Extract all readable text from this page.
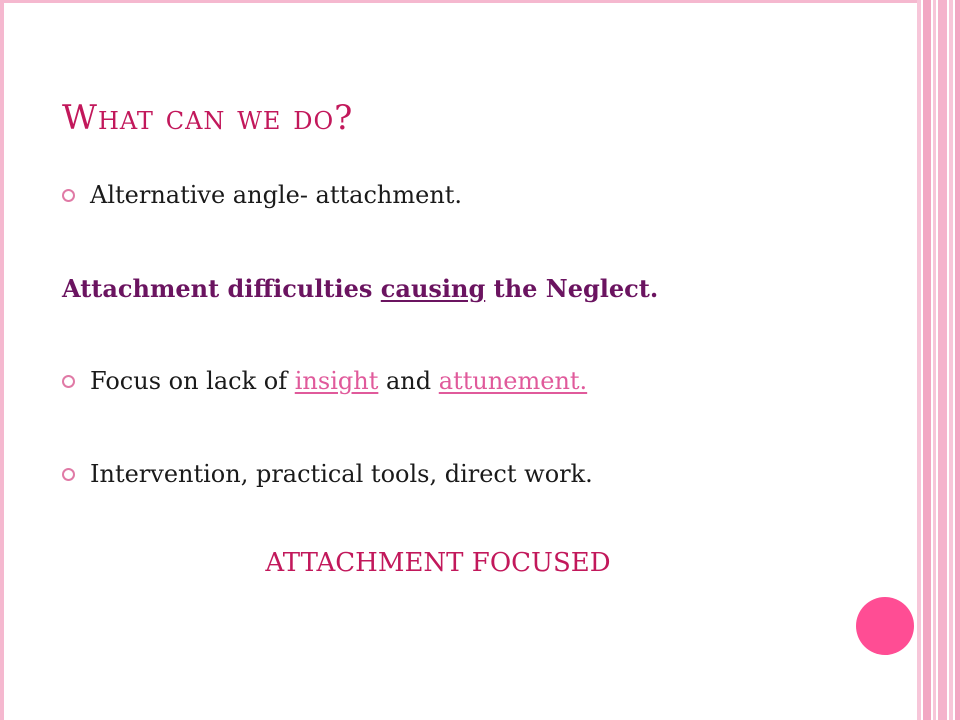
What can we do?
Alternative angle- attachment.
Attachment difficulties causing the Neglect.
Focus on lack of insight and attunement.
Intervention, practical tools, direct work.
ATTACHMENT FOCUSED
